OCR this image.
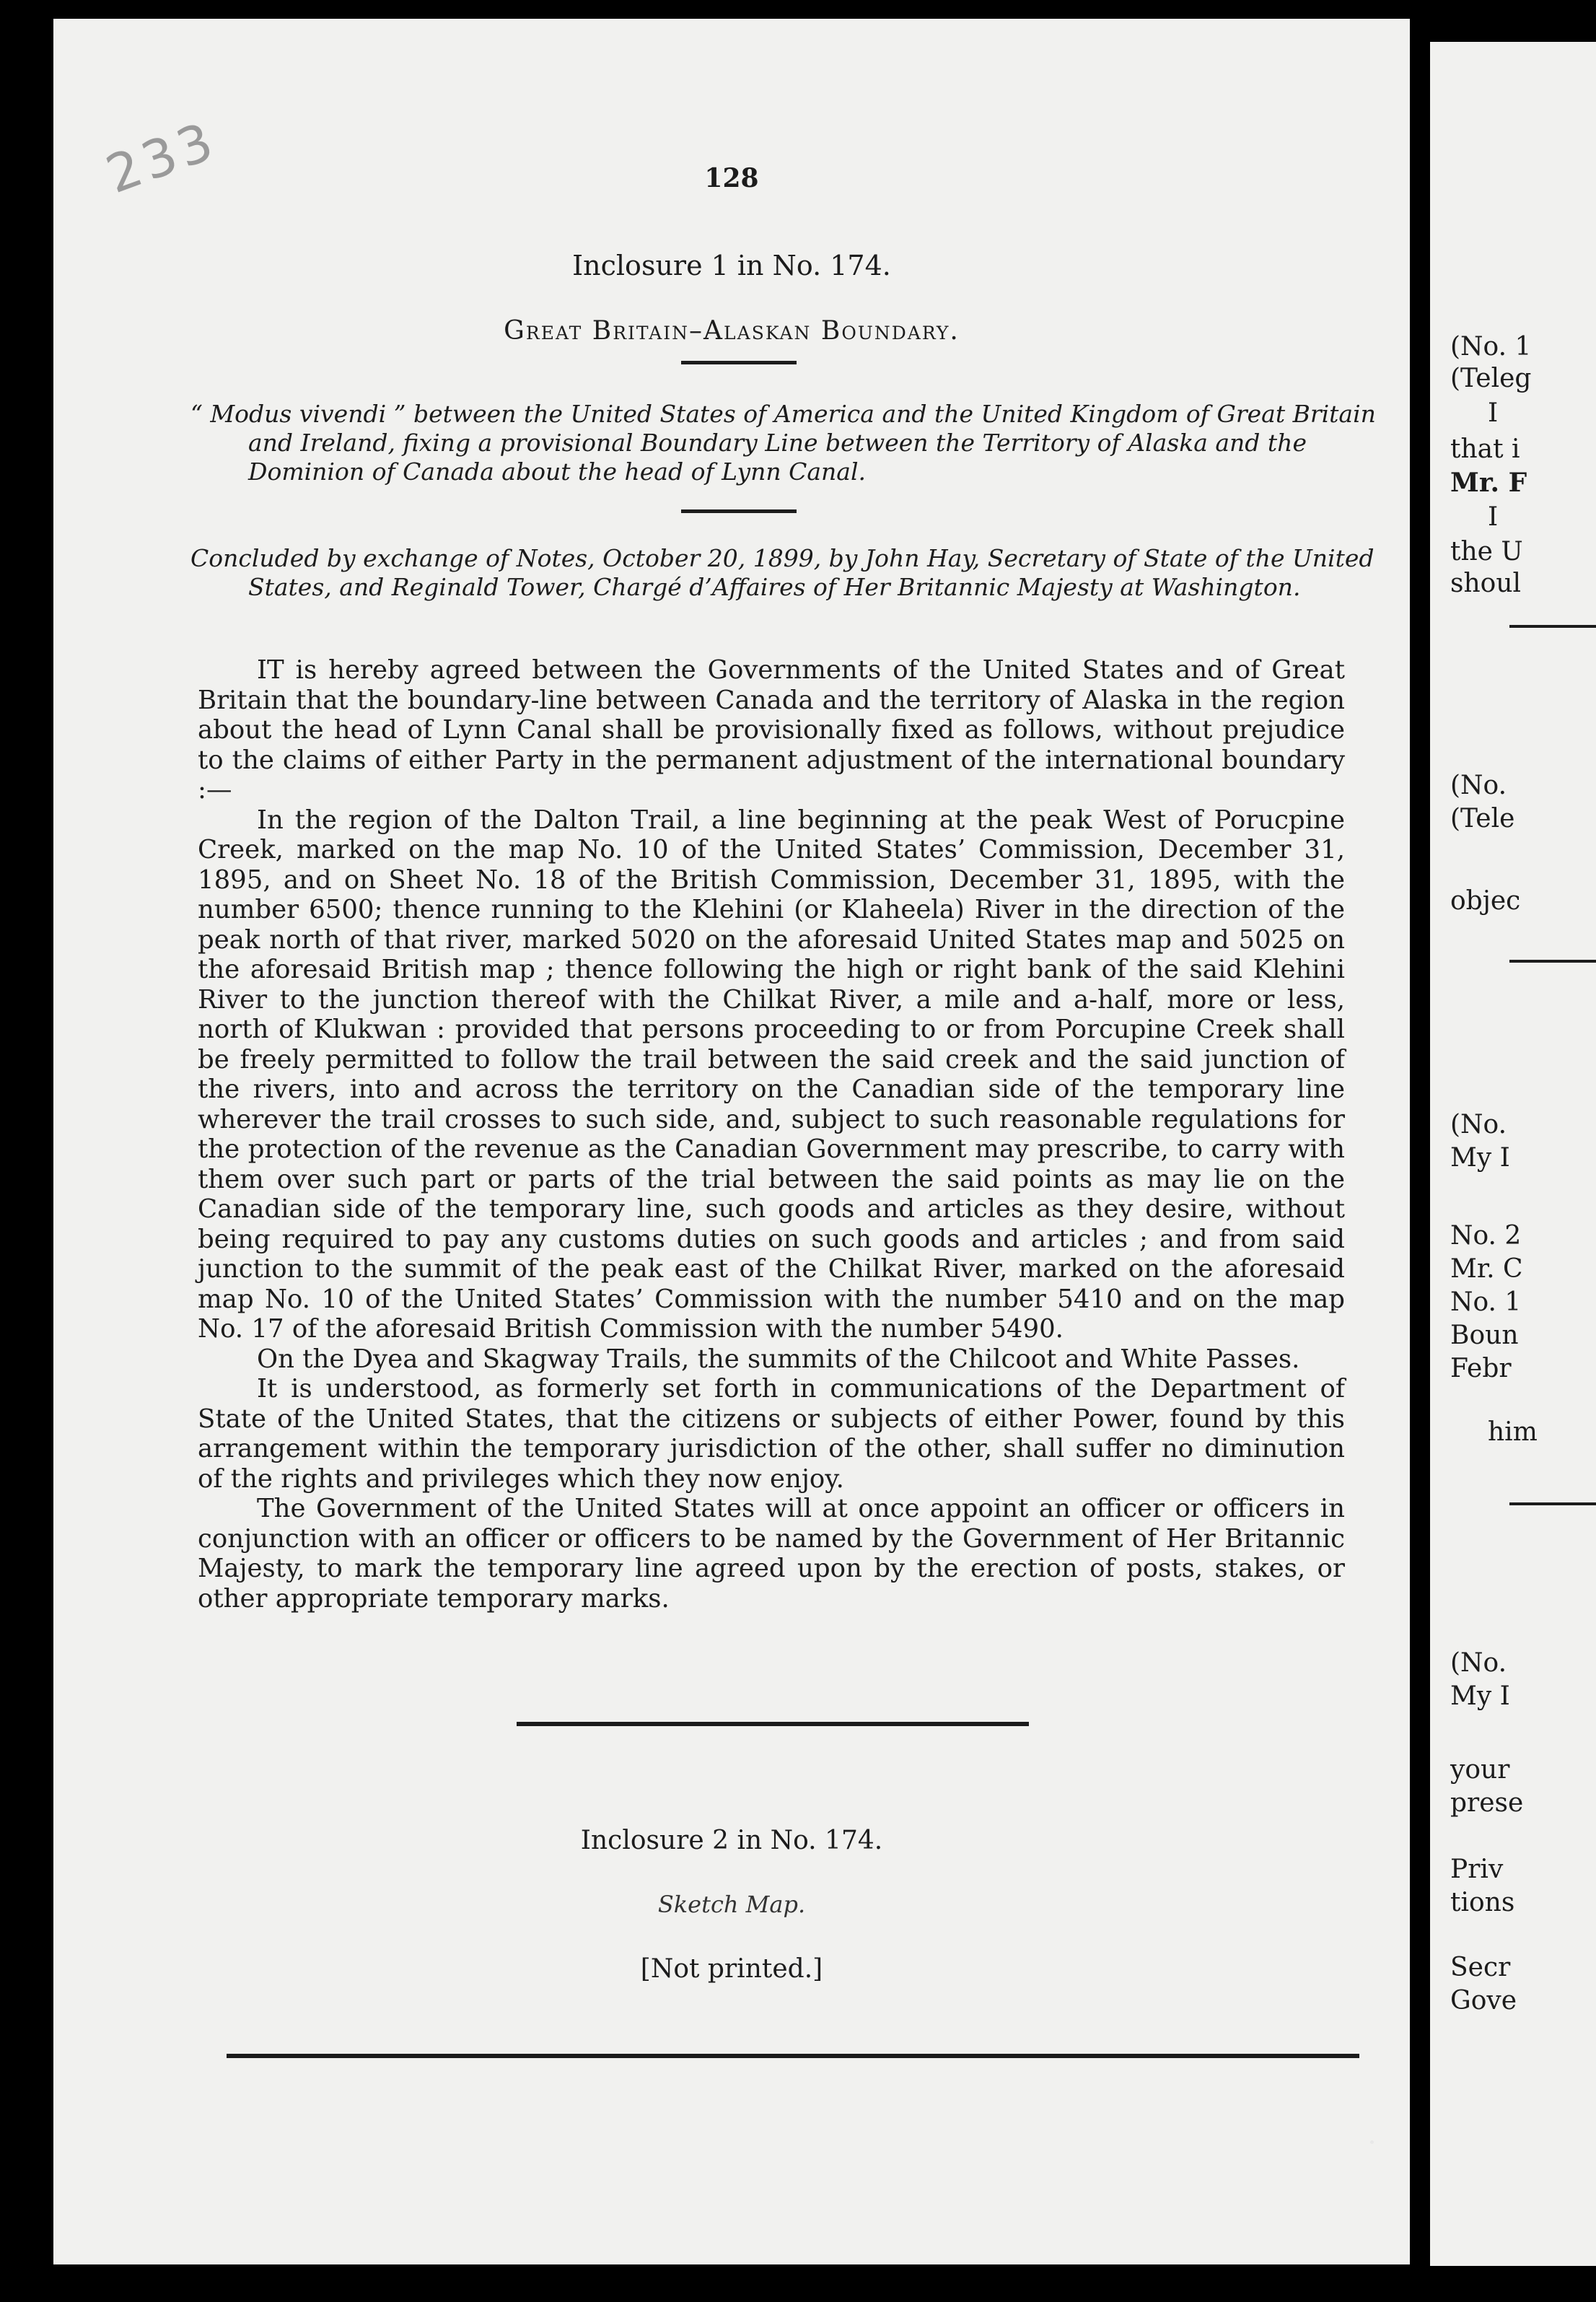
233	128
Inclosure 1 in No. 174.
Great Britain–Alaskan Boundary.
“ Modus vivendi ” between the United States of America and the United Kingdom of Great Britain and Ireland, fixing a provisional Boundary Line between the Territory of Alaska and the Dominion of Canada about the head of Lynn Canal.
Concluded by exchange of Notes, October 20, 1899, by John Hay, Secretary of State of the United States, and Reginald Tower, Chargé d’Affaires of Her Britannic Majesty at Washington.

IT is hereby agreed between the Governments of the United States and of Great Britain that the boundary-line between Canada and the territory of Alaska in the region about the head of Lynn Canal shall be provisionally fixed as follows, without prejudice to the claims of either Party in the permanent adjustment of the international boundary :—

In the region of the Dalton Trail, a line beginning at the peak West of Porucpine Creek, marked on the map No. 10 of the United States’ Commission, December 31, 1895, and on Sheet No. 18 of the British Commission, December 31, 1895, with the number 6500; thence running to the Klehini (or Klaheela) River in the direction of the peak north of that river, marked 5020 on the aforesaid United States map and 5025 on the aforesaid British map ; thence following the high or right bank of the said Klehini River to the junction thereof with the Chilkat River, a mile and a-half, more or less, north of Klukwan : provided that persons proceeding to or from Porcupine Creek shall be freely permitted to follow the trail between the said creek and the said junction of the rivers, into and across the territory on the Canadian side of the temporary line wherever the trail crosses to such side, and, subject to such reasonable regulations for the protection of the revenue as the Canadian Government may prescribe, to carry with them over such part or parts of the trial between the said points as may lie on the Canadian side of the temporary line, such goods and articles as they desire, without being required to pay any customs duties on such goods and articles ; and from said junction to the summit of the peak east of the Chilkat River, marked on the aforesaid map No. 10 of the United States’ Commission with the number 5410 and on the map No. 17 of the aforesaid British Commission with the number 5490.

On the Dyea and Skagway Trails, the summits of the Chilcoot and White Passes.

It is understood, as formerly set forth in communications of the Department of State of the United States, that the citizens or subjects of either Power, found by this arrangement within the temporary jurisdiction of the other, shall suffer no diminution of the rights and privileges which they now enjoy.

The Government of the United States will at once appoint an officer or officers in conjunction with an officer or officers to be named by the Government of Her Britannic Majesty, to mark the temporary line agreed upon by the erection of posts, stakes, or other appropriate temporary marks.

Inclosure 2 in No. 174.
Sketch Map.
[Not printed.]
(No. 1
(Teleg
I
that i
Mr. F
I
the U
shoul
(No.
(Tele
objec
(No.
My I
No. 2
Mr. C
No. 1
Boun
Febr
him
(No.
My I
your
prese
Priv
tions
Secr
Gove
